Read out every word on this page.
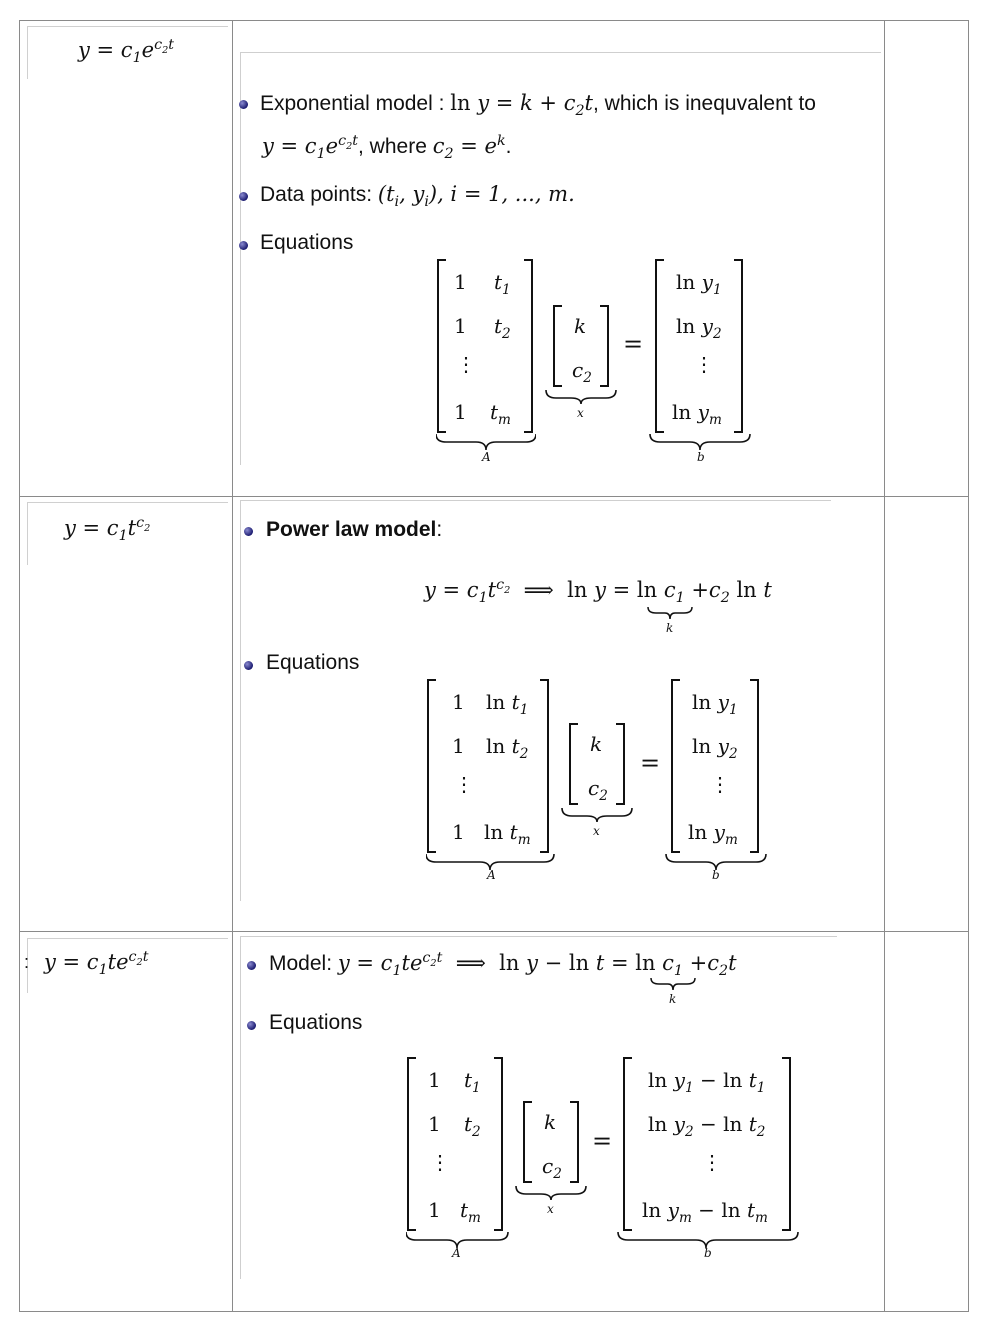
$y = c_1e^{c_2t}$
Exponential model : $\ln y = k + c_2t$, which is inequvalent to
$y = c_1e^{c_2t}$, where $c_2 = e^k$.
Data points: ($t_i$, $y_i$), i = 1, ..., m.
Equations
1 $t_1$
1 $t_2$
⋮
1 $t_m$
A
k
$c_2$
x
=
$\ln y_1$
$\ln y_2$
⋮
$\ln y_m$
b
$y = c_1t^{c_2}$	Power law model:
$y = c_1t^{c_2}$  ⟹  $\ln y = \ln c_1 +c_2$ ln t
k
Equations
1 $\ln t_1$
1 $\ln t_2$
⋮
1 $\ln t_m$
A
k
$c_2$
x
=
$\ln y_1$
$\ln y_2$
⋮
$\ln y_m$
b
: $y = c_1te^{c_2t}$	Model: $y = c_1te^{c_2t}$  ⟹  $\ln y - \ln t = \ln c_1 +c_2t$
k
Equations
1 $t_1$
1 $t_2$
⋮
1 $t_m$
A
k
$c_2$
x
=
$\ln y_1 - \ln t_1$
$\ln y_2 - \ln t_2$
⋮
$\ln y_m - \ln t_m$
b
